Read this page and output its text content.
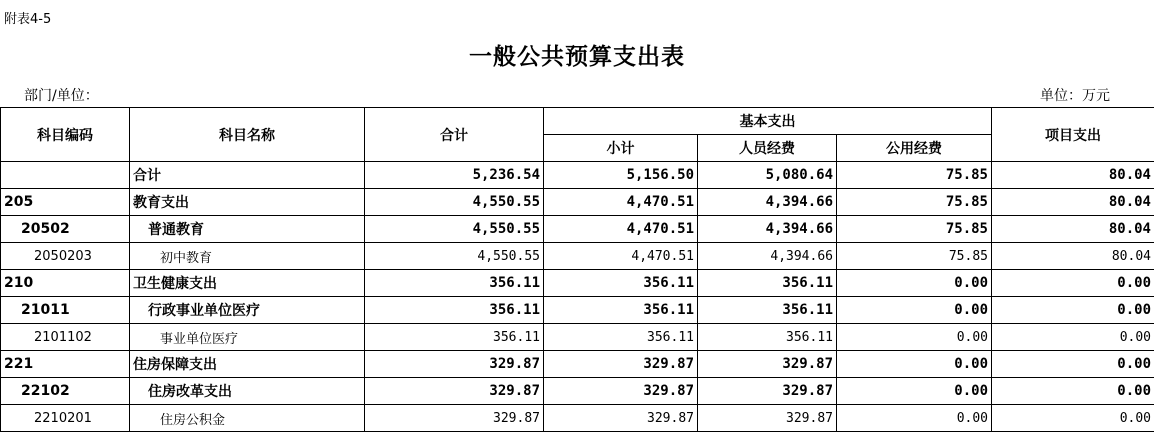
附表4-5
一般公共预算支出表
部门/单位：	单位：万元
科目编码	科目名称	合计	基本支出			项目支出
			小计	人员经费	公用经费	
	合计	5,236.54	5,156.50	5,080.64	75.85	80.04
205	教育支出	4,550.55	4,470.51	4,394.66	75.85	80.04
20502	普通教育	4,550.55	4,470.51	4,394.66	75.85	80.04
2050203	初中教育	4,550.55	4,470.51	4,394.66	75.85	80.04
210	卫生健康支出	356.11	356.11	356.11	0.00	0.00
21011	行政事业单位医疗	356.11	356.11	356.11	0.00	0.00
2101102	事业单位医疗	356.11	356.11	356.11	0.00	0.00
221	住房保障支出	329.87	329.87	329.87	0.00	0.00
22102	住房改革支出	329.87	329.87	329.87	0.00	0.00
2210201	住房公积金	329.87	329.87	329.87	0.00	0.00
